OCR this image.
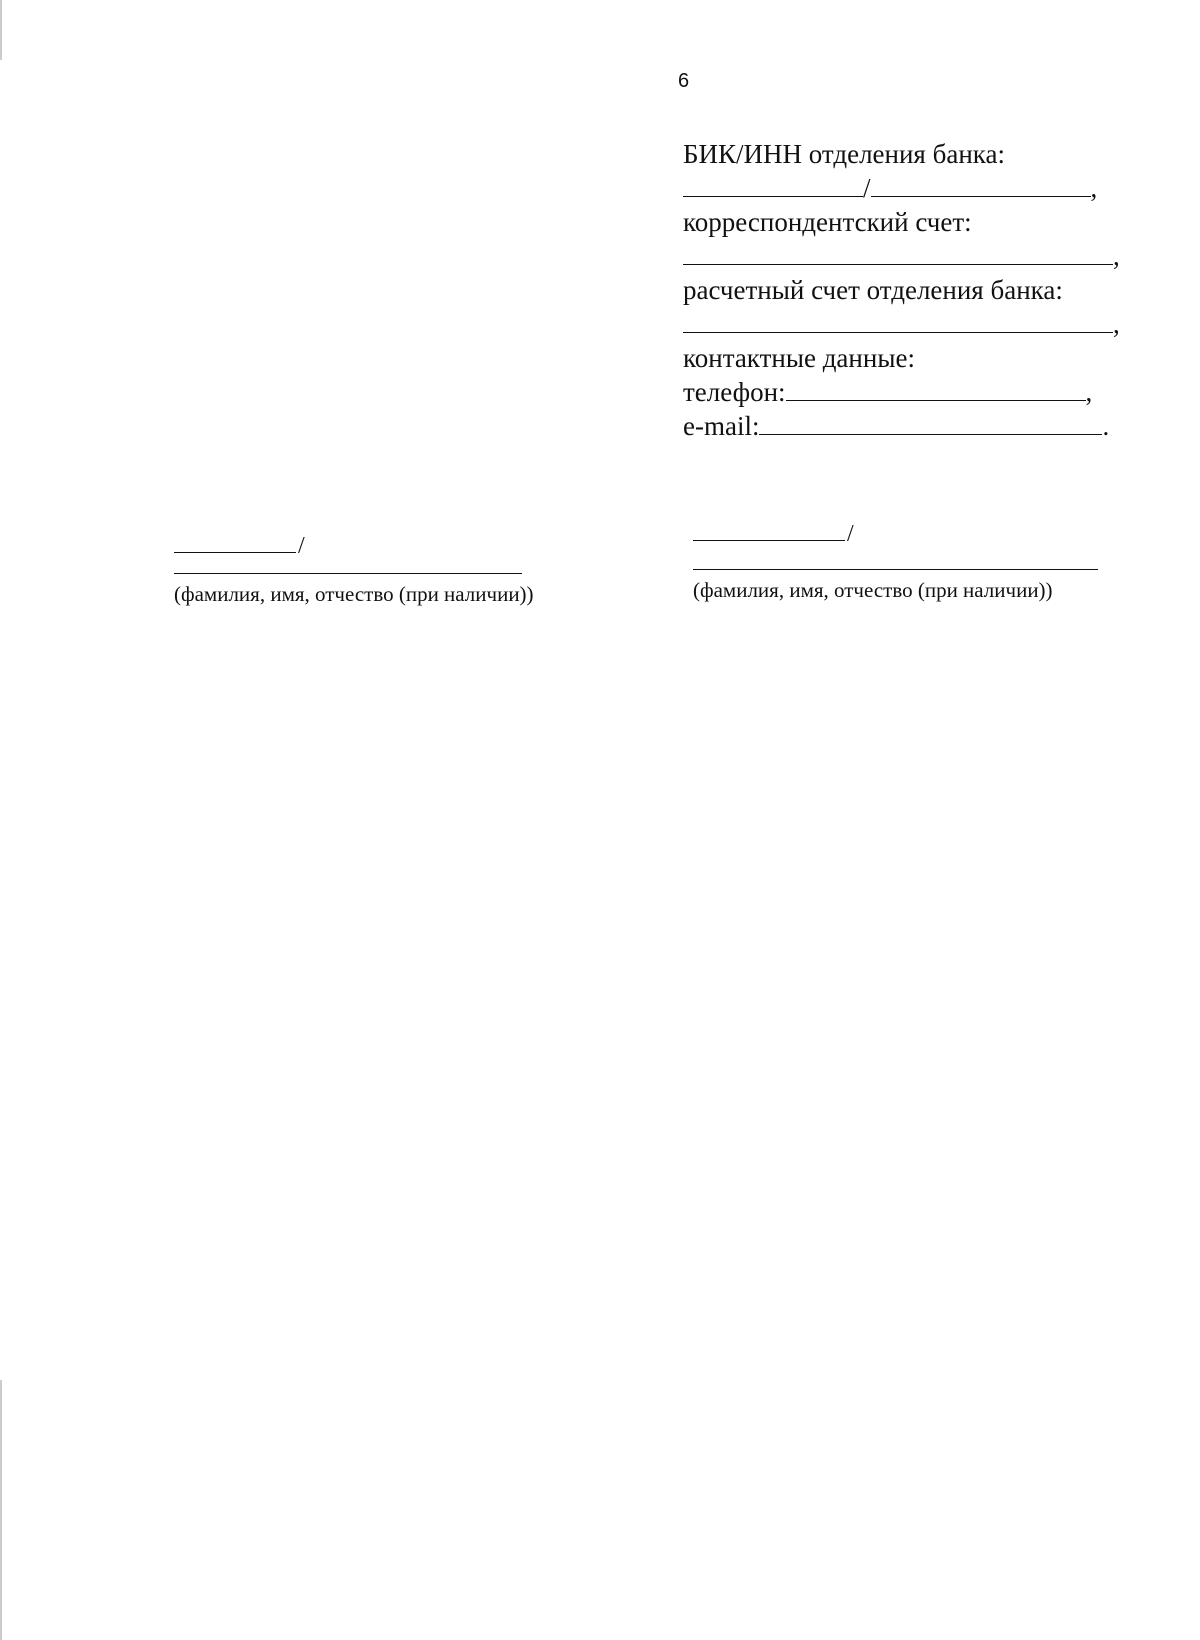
6
БИК/ИНН отделения банка:
/	,
корреспондентский счет:
,
расчетный счет отделения банка:
,
контактные данные:
телефон:	,
e-mail:	.
/
(фамилия, имя, отчество (при наличии))
/
(фамилия, имя, отчество (при наличии))
